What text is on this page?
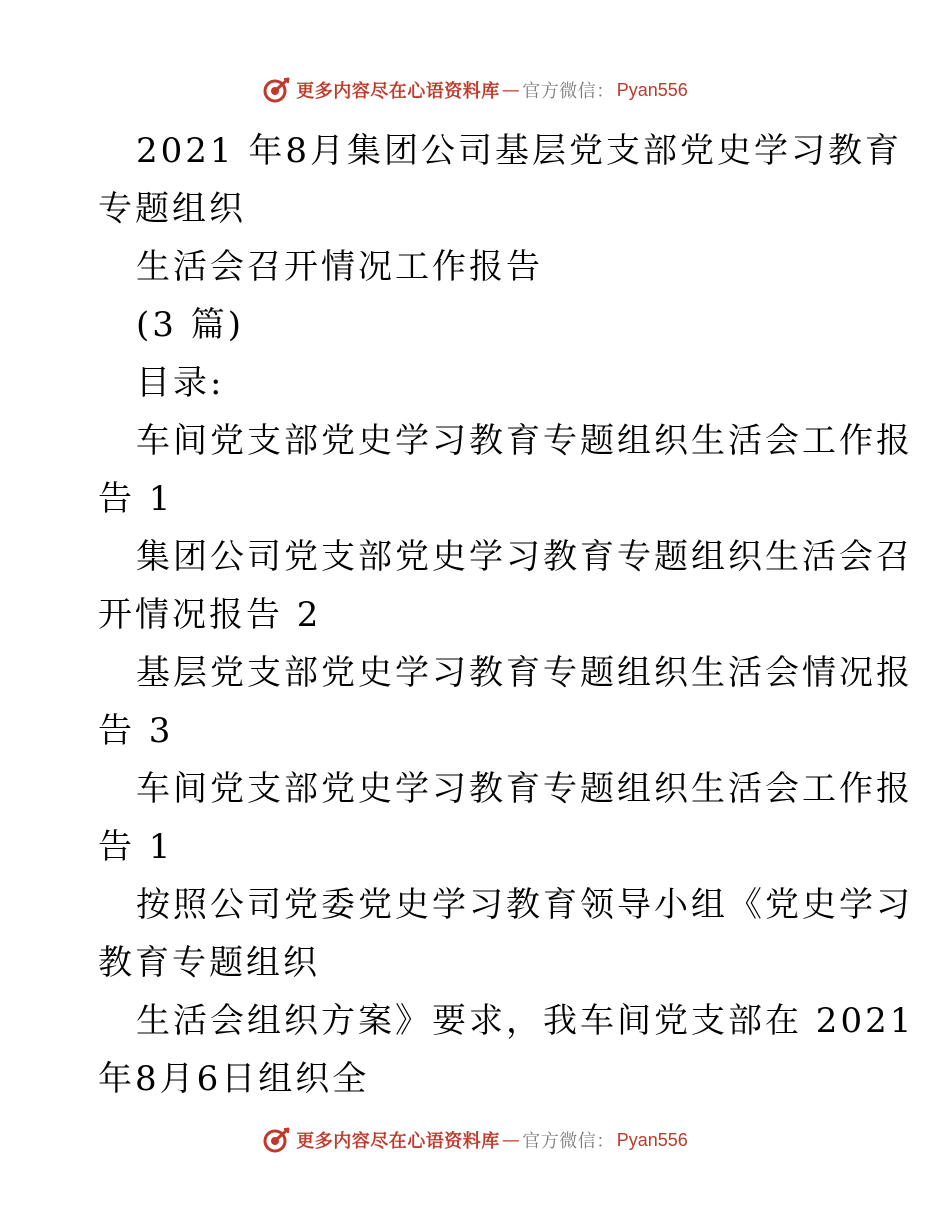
更多内容尽在心语资料库 — 官方微信： Pyan556
2021 年8月集团公司基层党支部党史学习教育
专题组织
生活会召开情况工作报告
(3 篇)
目录:
车间党支部党史学习教育专题组织生活会工作报
告 1
集团公司党支部党史学习教育专题组织生活会召
开情况报告 2
基层党支部党史学习教育专题组织生活会情况报
告 3
车间党支部党史学习教育专题组织生活会工作报
告 1
按照公司党委党史学习教育领导小组《党史学习
教育专题组织
生活会组织方案》要求，我车间党支部在 2021
年8月6日组织全
更多内容尽在心语资料库 — 官方微信： Pyan556
